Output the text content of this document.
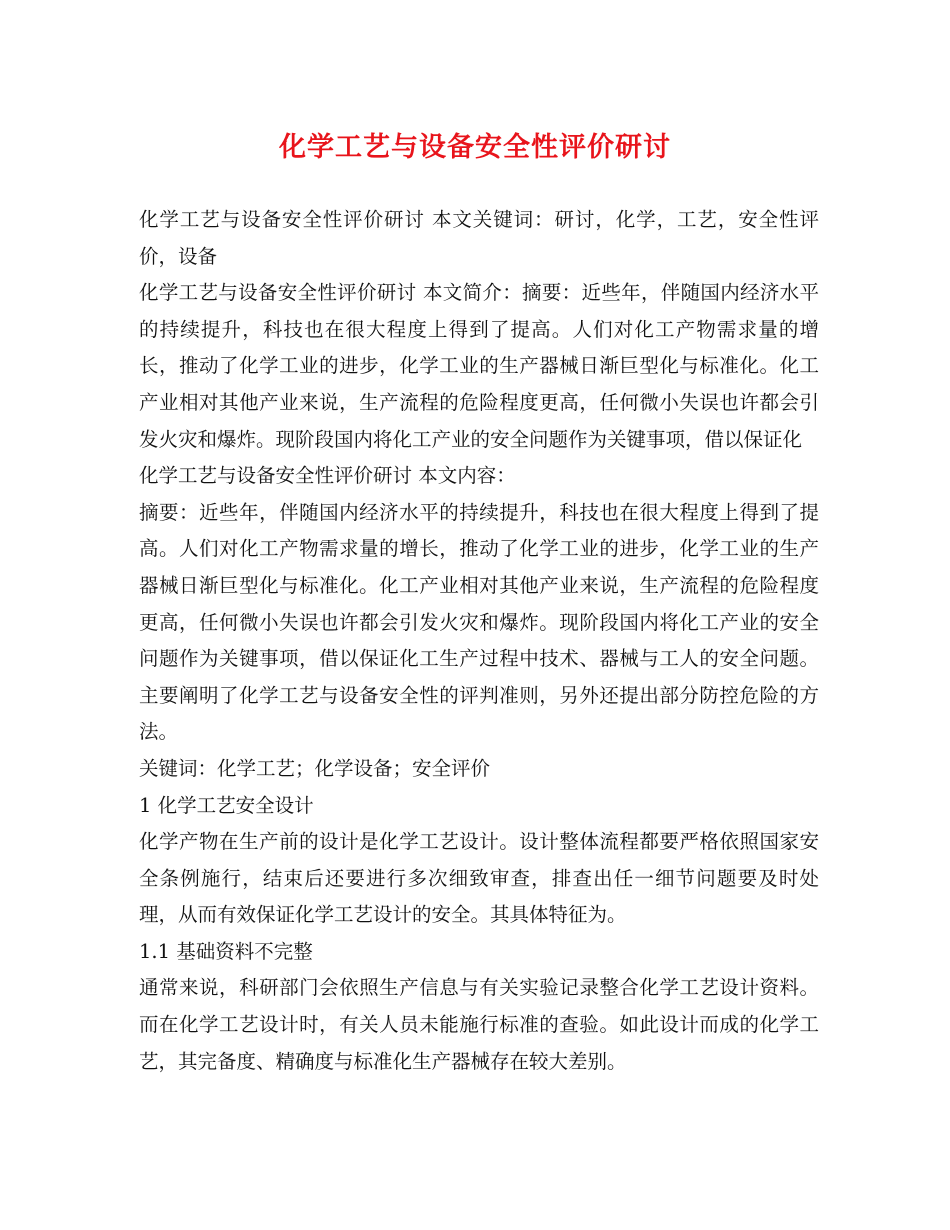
化学工艺与设备安全性评价研讨

化学工艺与设备安全性评价研讨 本文关键词：研讨，化学，工艺，安全性评价，设备

化学工艺与设备安全性评价研讨 本文简介：摘要：近些年，伴随国内经济水平的持续提升，科技也在很大程度上得到了提高。人们对化工产物需求量的增长，推动了化学工业的进步，化学工业的生产器械日渐巨型化与标准化。化工产业相对其他产业来说，生产流程的危险程度更高，任何微小失误也许都会引发火灾和爆炸。现阶段国内将化工产业的安全问题作为关键事项，借以保证化

化学工艺与设备安全性评价研讨 本文内容：

摘要：近些年，伴随国内经济水平的持续提升，科技也在很大程度上得到了提高。人们对化工产物需求量的增长，推动了化学工业的进步，化学工业的生产器械日渐巨型化与标准化。化工产业相对其他产业来说，生产流程的危险程度更高，任何微小失误也许都会引发火灾和爆炸。现阶段国内将化工产业的安全问题作为关键事项，借以保证化工生产过程中技术、器械与工人的安全问题。主要阐明了化学工艺与设备安全性的评判准则，另外还提出部分防控危险的方法。

关键词：化学工艺；化学设备；安全评价

1 化学工艺安全设计

化学产物在生产前的设计是化学工艺设计。设计整体流程都要严格依照国家安全条例施行，结束后还要进行多次细致审查，排查出任一细节问题要及时处理，从而有效保证化学工艺设计的安全。其具体特征为。

1.1 基础资料不完整

通常来说，科研部门会依照生产信息与有关实验记录整合化学工艺设计资料。而在化学工艺设计时，有关人员未能施行标准的查验。如此设计而成的化学工艺，其完备度、精确度与标准化生产器械存在较大差别。
